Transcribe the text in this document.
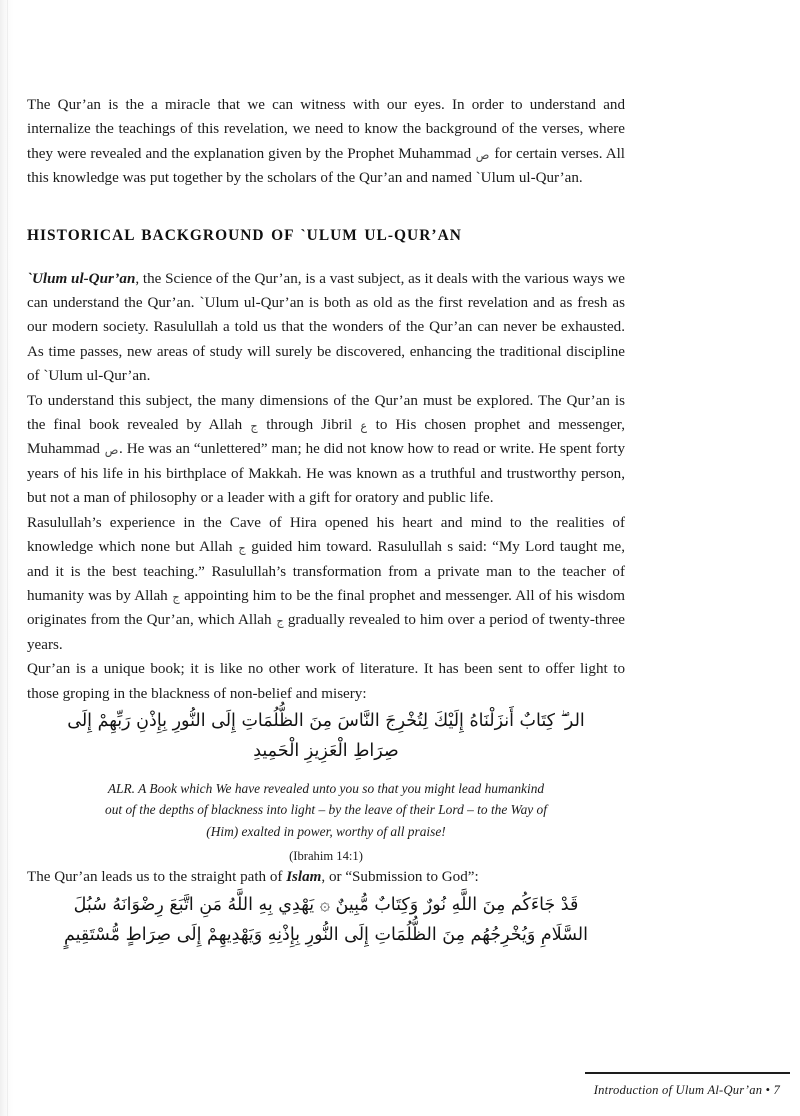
The Qur’an is the a miracle that we can witness with our eyes. In order to understand and internalize the teachings of this revelation, we need to know the background of the verses, where they were revealed and the explanation given by the Prophet Muhammad ص for certain verses. All this knowledge was put together by the scholars of the Qur’an and named `Ulum ul-Qur’an.

HISTORICAL BACKGROUND OF `ULUM UL-QUR’AN

`Ulum ul-Qur’an, the Science of the Qur’an, is a vast subject, as it deals with the various ways we can understand the Qur’an. `Ulum ul-Qur’an is both as old as the first revelation and as fresh as our modern society. Rasulullah a told us that the wonders of the Qur’an can never be exhausted. As time passes, new areas of study will surely be discovered, enhancing the traditional discipline of `Ulum ul-Qur’an.

To understand this subject, the many dimensions of the Qur’an must be explored. The Qur’an is the final book revealed by Allah ج through Jibril ع to His chosen prophet and messenger, Muhammad ص. He was an “unlettered” man; he did not know how to read or write. He spent forty years of his life in his birthplace of Makkah. He was known as a truthful and trustworthy person, but not a man of philosophy or a leader with a gift for oratory and public life.

Rasulullah’s experience in the Cave of Hira opened his heart and mind to the realities of knowledge which none but Allah ج guided him toward. Rasulullah s said: “My Lord taught me, and it is the best teaching.” Rasulullah’s transformation from a private man to the teacher of humanity was by Allah ج appointing him to be the final prophet and messenger. All of his wisdom originates from the Qur’an, which Allah ج gradually revealed to him over a period of twenty-three years.

Qur’an is a unique book; it is like no other work of literature. It has been sent to offer light to those groping in the blackness of non-belief and misery:

الر ۖ كِتَابٌ أَنزَلْنَاهُ إِلَيْكَ لِتُخْرِجَ النَّاسَ مِنَ الظُّلُمَاتِ إِلَى النُّورِ بِإِذْنِ رَبِّهِمْ إِلَى

صِرَاطِ الْعَزِيزِ الْحَمِيدِ

ALR. A Book which We have revealed unto you so that you might lead humankind
out of the depths of blackness into light – by the leave of their Lord – to the Way of
(Him) exalted in power, worthy of all praise!

(Ibrahim 14:1)

The Qur’an leads us to the straight path of Islam, or “Submission to God”:

قَدْ جَاءَكُم مِنَ اللَّهِ نُورٌ وَكِتَابٌ مُّبِينٌ ۞ يَهْدِي بِهِ اللَّهُ مَنِ اتَّبَعَ رِضْوَانَهُ سُبُلَ

السَّلَامِ وَيُخْرِجُهُم مِنَ الظُّلُمَاتِ إِلَى النُّورِ بِإِذْنِهِ وَيَهْدِيهِمْ إِلَى صِرَاطٍ مُّسْتَقِيمٍ

Introduction of Ulum Al-Qur’an • 7
